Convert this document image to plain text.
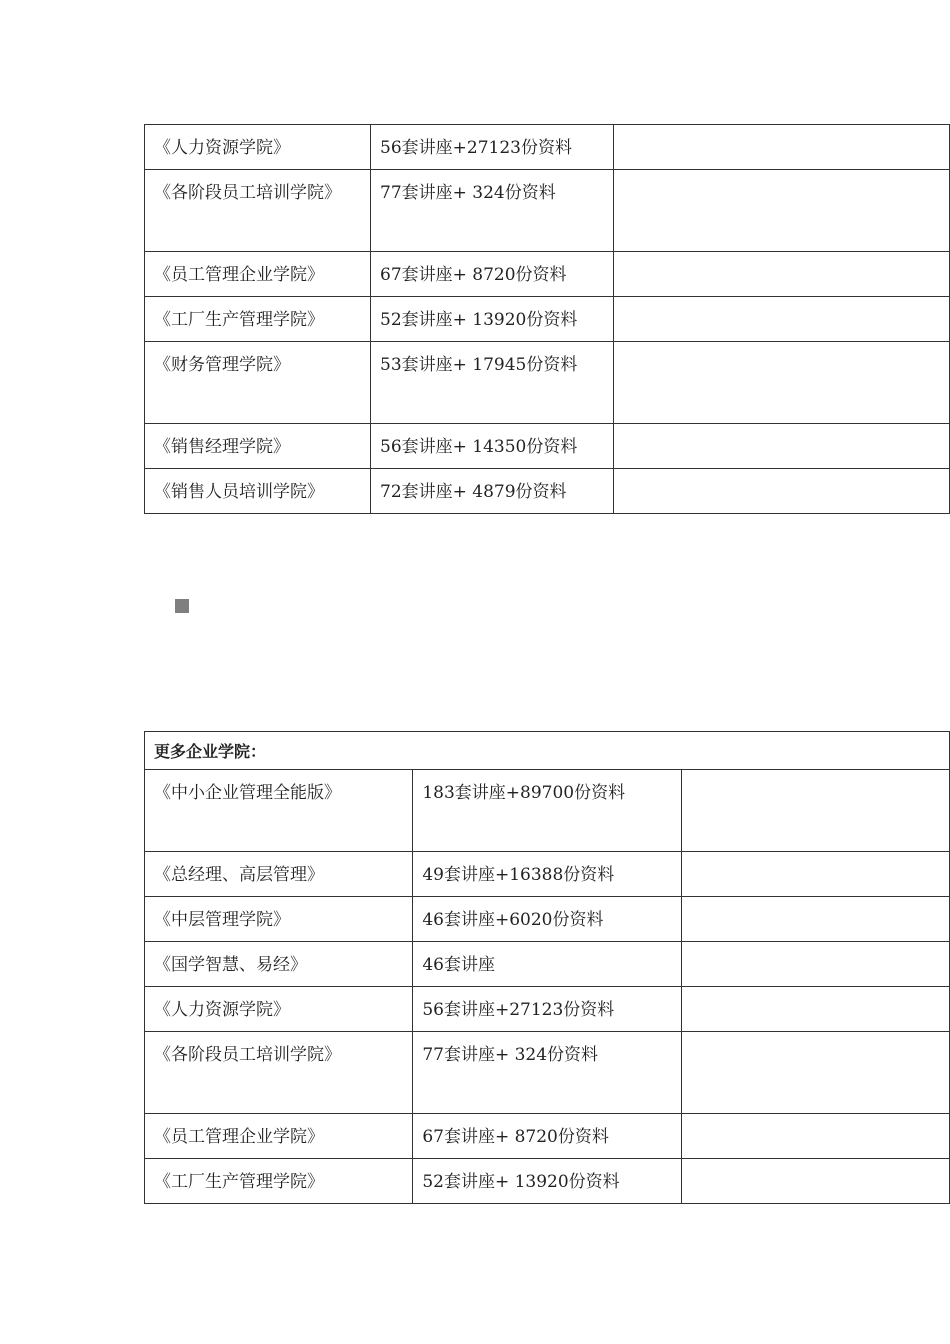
《人力资源学院》	56套讲座+27123份资料	
《各阶段员工培训学院》	77套讲座+ 324份资料	
《员工管理企业学院》	67套讲座+ 8720份资料	
《工厂生产管理学院》	52套讲座+ 13920份资料	
《财务管理学院》	53套讲座+ 17945份资料	
《销售经理学院》	56套讲座+ 14350份资料	
《销售人员培训学院》	72套讲座+ 4879份资料	
更多企业学院：		
《中小企业管理全能版》	183套讲座+89700份资料	
《总经理、高层管理》	49套讲座+16388份资料	
《中层管理学院》	46套讲座+6020份资料	
《国学智慧、易经》	46套讲座	
《人力资源学院》	56套讲座+27123份资料	
《各阶段员工培训学院》	77套讲座+ 324份资料	
《员工管理企业学院》	67套讲座+ 8720份资料	
《工厂生产管理学院》	52套讲座+ 13920份资料	
